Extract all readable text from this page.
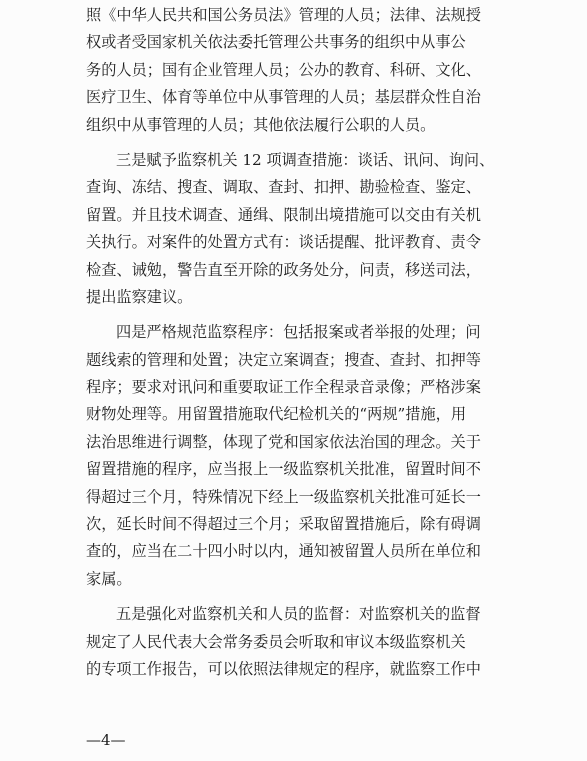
照《中华人民共和国公务员法》管理的人员；法律、法规授
权或者受国家机关依法委托管理公共事务的组织中从事公
务的人员；国有企业管理人员；公办的教育、科研、文化、
医疗卫生、体育等单位中从事管理的人员；基层群众性自治
组织中从事管理的人员；其他依法履行公职的人员。
三是赋予监察机关 12 项调查措施：谈话、讯问、询问、
查询、冻结、搜查、调取、查封、扣押、勘验检查、鉴定、
留置。并且技术调查、通缉、限制出境措施可以交由有关机
关执行。对案件的处置方式有：谈话提醒、批评教育、责令
检查、诫勉，警告直至开除的政务处分，问责，移送司法，
提出监察建议。
四是严格规范监察程序：包括报案或者举报的处理；问
题线索的管理和处置；决定立案调查；搜查、查封、扣押等
程序；要求对讯问和重要取证工作全程录音录像；严格涉案
财物处理等。用留置措施取代纪检机关的“两规”措施，用
法治思维进行调整，体现了党和国家依法治国的理念。关于
留置措施的程序，应当报上一级监察机关批准，留置时间不
得超过三个月，特殊情况下经上一级监察机关批准可延长一
次，延长时间不得超过三个月；采取留置措施后，除有碍调
查的，应当在二十四小时以内，通知被留置人员所在单位和
家属。
五是强化对监察机关和人员的监督：对监察机关的监督
规定了人民代表大会常务委员会听取和审议本级监察机关
的专项工作报告，可以依照法律规定的程序，就监察工作中
—4—
